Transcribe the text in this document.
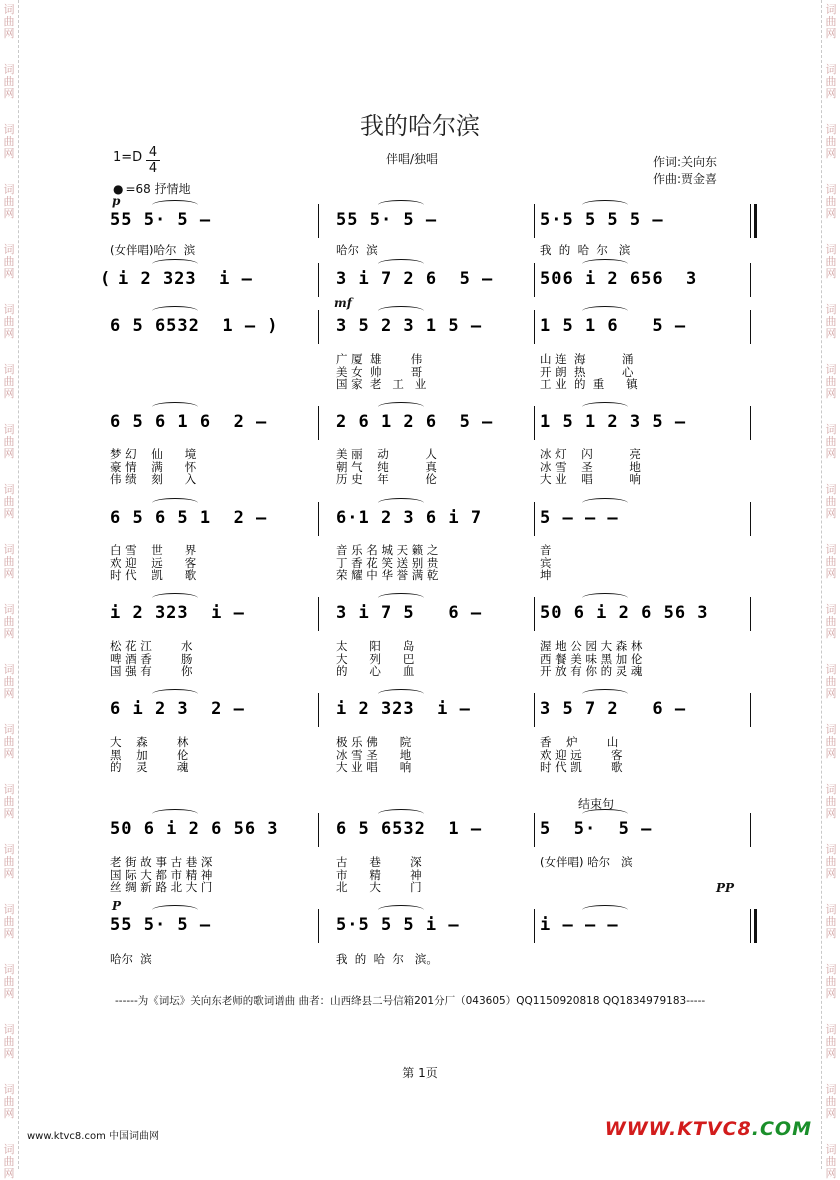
词
曲
网
词
曲
网
词
曲
网
词
曲
网
词
曲
网
词
曲
网
词
曲
网
词
曲
网
词
曲
网
词
曲
网
词
曲
网
词
曲
网
词
曲
网
词
曲
网
词
曲
网
词
曲
网
词
曲
网
词
曲
网
词
曲
网
词
曲
网
词
曲
网
词
曲
网
词
曲
网
词
曲
网
词
曲
网
词
曲
网
词
曲
网
词
曲
网
词
曲
网
词
曲
网
词
曲
网
词
曲
网
词
曲
网
词
曲
网
词
曲
网
词
曲
网
词
曲
网
词
曲
网
词
曲
网
词
曲
网
我的哈尔滨
伴唱/独唱	作词:关向东
作曲:贾金喜
1=D 4
4
● =68 抒情地
55 5· 5 —	55 5· 5 —	5·5 5 5 5 —
(女伴唱)哈尔  滨	哈尔  滨	我  的  哈  尔   滨
p
( i 2 323  i —	3 i 7 2 6  5 —	506 i 2 656  3
6 5 6532  1 — )	3 5 2 3 1 5 —	1 5 1 6   5 —
广 厦  雄        伟
美 女  帅        哥
国 家  老   工   业
山 连  海          涌
开 朗  热          心
工 业  的  重      镇
mf
6 5 6 1 6  2 —	2 6 1 2 6  5 —	1 5 1 2 3 5 —
梦 幻    仙      境
豪 情    满      怀
伟 绩    刻      入
美 丽    动          人
朝 气    纯          真
历 史    年          伦
冰 灯    闪          亮
冰 雪    圣          地
大 业    唱          响
6 5 6 5 1  2 —	6·1 2 3 6 i 7	5 — — —
白 雪    世      界
欢 迎    远      客
时 代    凯      歌
音 乐 名 城 天 籁 之
丁 香 花 笑 送 别 贵
荣 耀 中 华 誉 满 乾
音
宾
坤
i 2 323  i —	3 i 7 5   6 —	50 6 i 2 6 56 3
松 花 江        水
啤 酒 香        肠
国 强 有        你
太      阳      岛
大      列      巴
的      心      血
渥 地 公 园 大 森 林
西 餐 美 味 黑 加 伦
开 放 有 你 的 灵 魂
6 i 2 3  2 —	i 2 323  i —	3 5 7 2   6 —
大    森        林
黑    加        伦
的    灵        魂
极 乐 佛      院
冰 雪 圣      地
大 业 唱      响
香    炉        山
欢 迎 远        客
时 代 凯        歌
50 6 i 2 6 56 3	6 5 6532  1 —	5  5·  5 —
老 街 故 事 古 巷 深
国 际 大 都 市 精 神
丝 绸 新 路 北 大 门
古      巷        深
市      精        神
北      大        门
(女伴唱) 哈尔   滨
结束句
PP
55 5· 5 —	5·5 5 5 i —	i — — —
哈尔  滨	我  的  哈  尔   滨。
P
------为《词坛》关向东老师的歌词谱曲 曲者：山西绛县二号信箱201分厂（043605）QQ1150920818 QQ1834979183-----
第 1页
www.ktvc8.com 中国词曲网	WWW.KTVC8.COM
